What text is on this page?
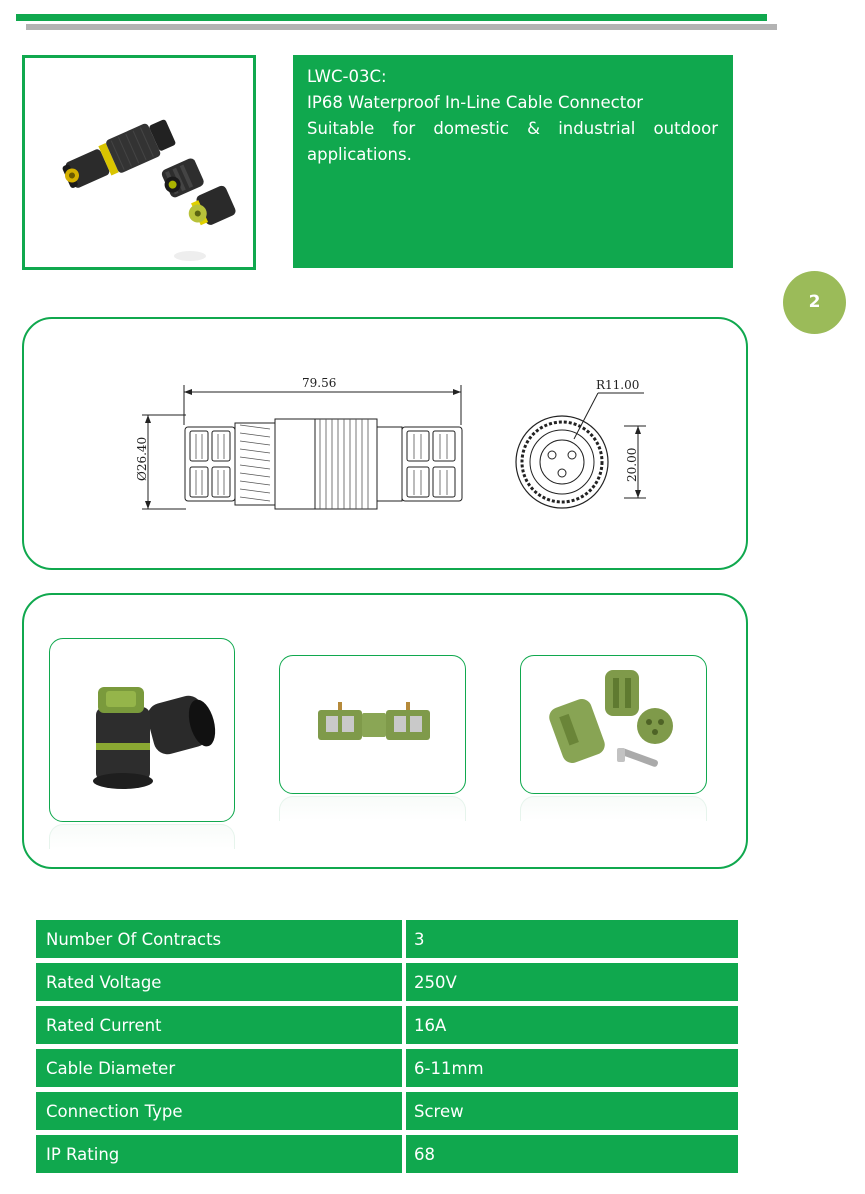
LWC-03C:
IP68 Waterproof In-Line Cable Connector
Suitable for domestic & industrial outdoor
applications.
2
79.56
Ø26.40
R11.00
20.00
Number Of Contracts	3
Rated Voltage	250V
Rated Current	16A
Cable Diameter	6-11mm
Connection Type	Screw
IP Rating	68
